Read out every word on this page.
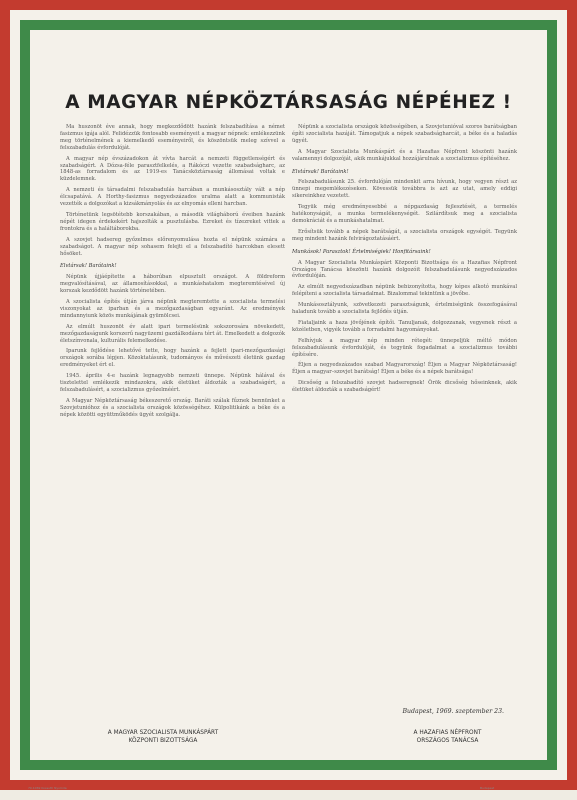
A MAGYAR NÉPKÖZTÁRSASÁG NÉPÉHEZ !

Ma huszonöt éve annak, hogy megkezdődött hazánk felszabadítása a német fasizmus igája alól. Felidézzük fontosabb eseményeit a magyar népnek: emlékezzünk meg történelmének a kiemelkedő eseményeiről, és köszöntsük meleg szívvel a felszabadulás évfordulóját.

A magyar nép évszázadokon át vívta harcát a nemzeti függetlenségért és szabadságért. A Dózsa-féle parasztfelkelés, a Rákóczi vezette szabadságharc, az 1848-as forradalom és az 1919-es Tanácsköztársaság állomásai voltak e küzdelemnek.

A nemzeti és társadalmi felszabadulás harcában a munkásosztály vált a nép élcsapatává. A Horthy-fasizmus negyedszázados uralma alatt a kommunisták vezették a dolgozókat a kizsákmányolás és az elnyomás elleni harcban.

Történetünk legsötétebb korszakában, a második világháború éveiben hazánk népét idegen érdekekért hajszolták a pusztulásba. Ezreket és tízezreket vittek a frontokra és a haláltáborokba.

A szovjet hadsereg győzelmes előrenyomulása hozta el népünk számára a szabadságot. A magyar nép sohasem felejti el a felszabadító harcokban elesett hősöket.

Elvtársak! Barátaink!

Népünk újjáépítette a háborúban elpusztult országot. A földreform megvalósításával, az államosításokkal, a munkáshatalom megteremtésével új korszak kezdődött hazánk történetében.

A szocialista építés útján járva népünk megteremtette a szocialista termelési viszonyokat az iparban és a mezőgazdaságban egyaránt. Az eredmények mindannyiunk közös munkájának gyümölcsei.

Az elmúlt huszonöt év alatt ipari termelésünk sokszorosára növekedett, mezőgazdaságunk korszerű nagyüzemi gazdálkodásra tért át. Emelkedett a dolgozók életszínvonala, kulturális felemelkedése.

Iparunk fejlődése lehetővé tette, hogy hazánk a fejlett ipari-mezőgazdasági országok sorába lépjen. Közoktatásunk, tudományos és művészeti életünk gazdag eredményeket ért el.

1945. április 4-e hazánk legnagyobb nemzeti ünnepe. Népünk hálával és tisztelettel emlékezik mindazokra, akik életüket áldozták a szabadságért, a felszabadulásért, a szocializmus győzelméért.

A Magyar Népköztársaság békeszerető ország. Baráti szálak fűznek bennünket a Szovjetunióhoz és a szocialista országok közösségéhez. Külpolitikánk a béke és a népek közötti együttműködés ügyét szolgálja.

Népünk a szocialista országok közösségében, a Szovjetunióval szoros barátságban építi szocialista hazáját. Támogatjuk a népek szabadságharcát, a béke és a haladás ügyét.

A Magyar Szocialista Munkáspárt és a Hazafias Népfront köszönti hazánk valamennyi dolgozóját, akik munkájukkal hozzájárulnak a szocializmus építéséhez.

Elvtársak! Barátaink!

Felszabadulásunk 25. évfordulóján mindenkit arra hívunk, hogy vegyen részt az ünnepi megemlékezéseken. Kövessük továbbra is azt az utat, amely eddigi sikereinkhez vezetett.

Tegyük még eredményesebbé a népgazdaság fejlesztését, a termelés hatékonyságát, a munka termelékenységét. Szilárdítsuk meg a szocialista demokráciát és a munkáshatalmat.

Erősítsük tovább a népek barátságát, a szocialista országok egységét. Tegyünk meg mindent hazánk felvirágoztatásáért.

Munkások! Parasztok! Értelmiségiek! Honfitársaink!

A Magyar Szocialista Munkáspárt Központi Bizottsága és a Hazafias Népfront Országos Tanácsa köszönti hazánk dolgozóit felszabadulásunk negyedszázados évfordulóján.

Az elmúlt negyedszázadban népünk bebizonyította, hogy képes alkotó munkával felépíteni a szocialista társadalmat. Bizalommal tekintünk a jövőbe.

Munkásosztályunk, szövetkezeti parasztságunk, értelmiségünk összefogásával haladunk tovább a szocialista fejlődés útján.

Fiataljaink a haza jövőjének építői. Tanuljanak, dolgozzanak, vegyenek részt a közéletben, vigyék tovább a forradalmi hagyományokat.

Felhívjuk a magyar nép minden rétegét: ünnepeljük méltó módon felszabadulásunk évfordulóját, és tegyünk fogadalmat a szocializmus további építésére.

Éljen a negyedszázados szabad Magyarország! Éljen a Magyar Népköztársaság! Éljen a magyar–szovjet barátság! Éljen a béke és a népek barátsága!

Dicsőség a felszabadító szovjet hadseregnek! Örök dicsőség hőseinknek, akik életüket áldozták a szabadságért!

Budapest, 1969. szeptember 23.
A MAGYAR SZOCIALISTA MUNKÁSPÁRT
KÖZPONTI BIZOTTSÁGA
A HAZAFIAS NÉPFRONT
ORSZÁGOS TANÁCSA
70.1069 Kossuth Nyomda	Budapest
